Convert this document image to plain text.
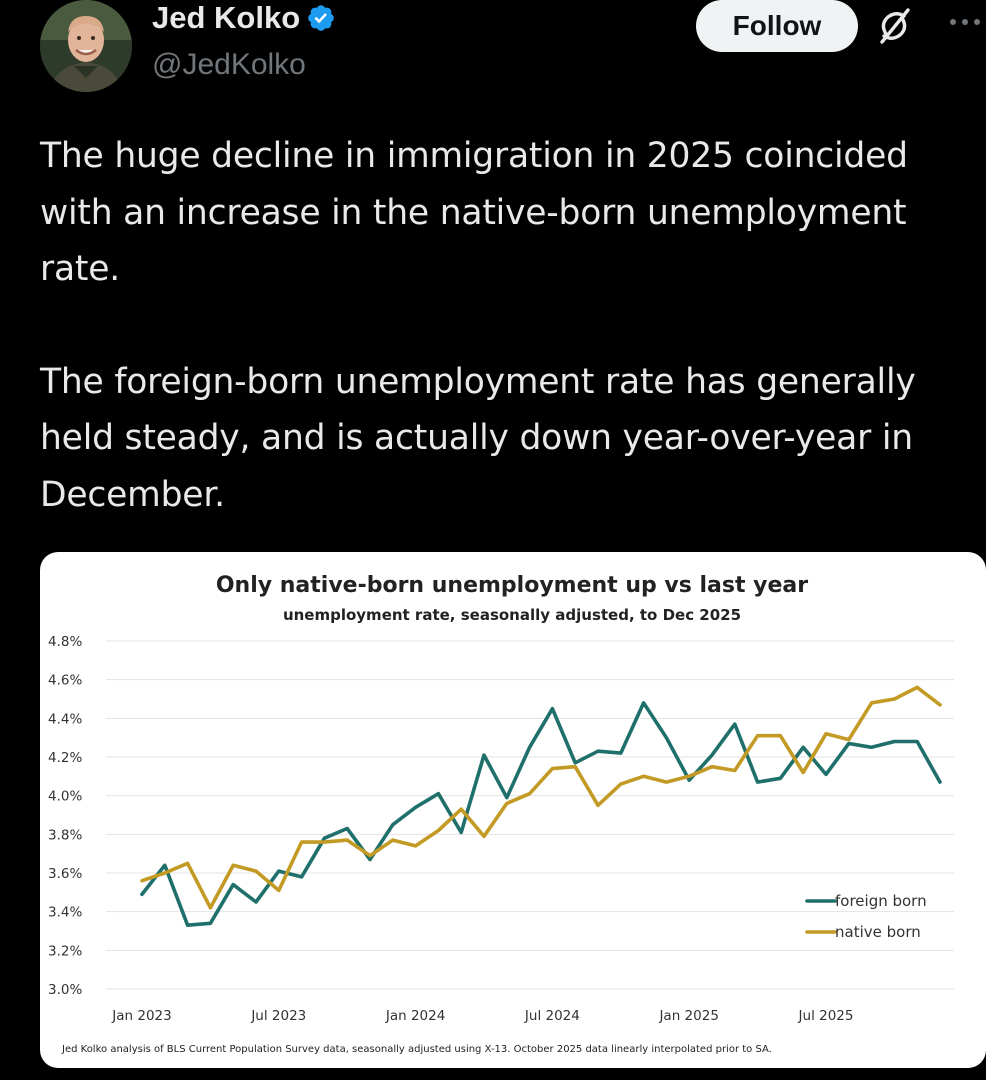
Jed Kolko
@JedKolko
Follow

The huge decline in immigration in 2025 coincided with an increase in the native-born unemployment rate.

The foreign-born unemployment rate has generally held steady, and is actually down year-over-year in December.

Only native-born unemployment up vs last year
unemployment rate, seasonally adjusted, to Dec 2025
3.0%
3.2%
3.4%
3.6%
3.8%
4.0%
4.2%
4.4%
4.6%
4.8%
Jan 2023	Jul 2023	Jan 2024	Jul 2024	Jan 2025	Jul 2025
foreign born
native born
Jed Kolko analysis of BLS Current Population Survey data, seasonally adjusted using X-13. October 2025 data linearly interpolated prior to SA.
